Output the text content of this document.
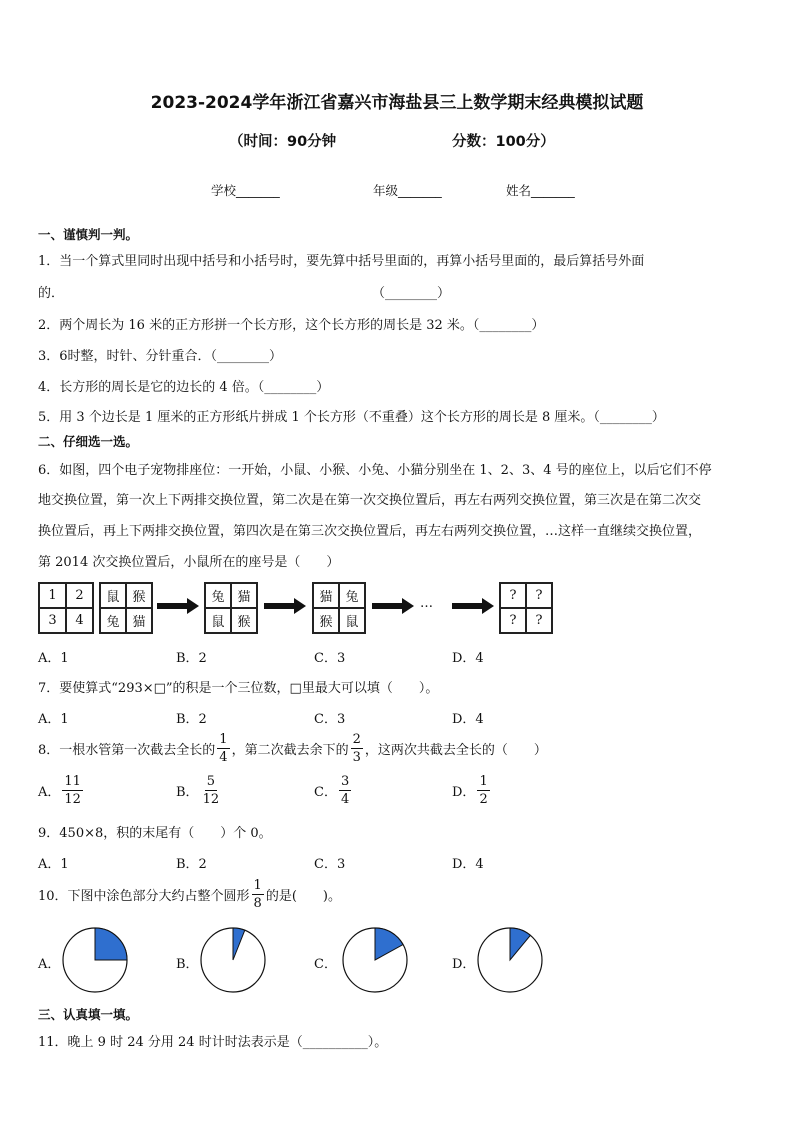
2023-2024学年浙江省嘉兴市海盐县三上数学期末经典模拟试题
（时间：90分钟	分数：100分）
学校_______	年级_______	姓名_______
一、谨慎判一判。
1．当一个算式里同时出现中括号和小括号时，要先算中括号里面的，再算小括号里面的，最后算括号外面
的．	（________）
2．两个周长为 16 米的正方形拼一个长方形，这个长方形的周长是 32 米。（________）
3．6时整，时针、分针重合．（________）
4．长方形的周长是它的边长的 4 倍。（________）
5．用 3 个边长是 1 厘米的正方形纸片拼成 1 个长方形（不重叠）这个长方形的周长是 8 厘米。（________）
二、仔细选一选。
6．如图，四个电子宠物排座位：一开始，小鼠、小猴、小兔、小猫分别坐在 1、2、3、4 号的座位上，以后它们不停
地交换位置，第一次上下两排交换位置，第二次是在第一次交换位置后，再左右两列交换位置，第三次是在第二次交
换位置后，再上下两排交换位置，第四次是在第三次交换位置后，再左右两列交换位置，…这样一直继续交换位置，
第 2014 次交换位置后，小鼠所在的座号是（　　）
1	2
3	4
鼠 猴
兔 猫
兔 猫
鼠 猴
猫 兔
猴 鼠
…
?	?
?	?
A．1	B．2	C．3	D．4
7．要使算式“293×□”的积是一个三位数，□里最大可以填（　　）。
A．1	B．2	C．3	D．4
8．一根水管第一次截去全长的 $\frac{1}{4}$ ，第二次截去余下的 $\frac{2}{3}$ ，这两次共截去全长的（　　）
A． $\frac{11}{12}$	B． $\frac{5}{12}$	C． $\frac{3}{4}$	D． $\frac{1}{2}$
9．450×8，积的末尾有（　　）个 0。
A．1	B．2	C．3	D．4
10．下图中涂色部分大约占整个圆形 $\frac{1}{8}$ 的是(　　)。
A．	B．	C．	D．
三、认真填一填。
11．晚上 9 时 24 分用 24 时计时法表示是（__________）。
